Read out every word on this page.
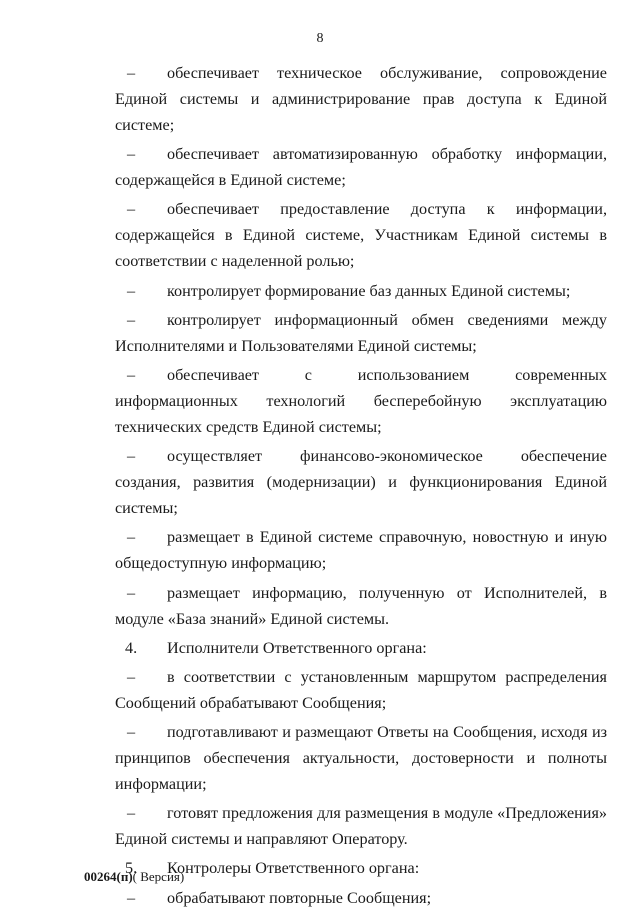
8

– обеспечивает техническое обслуживание, сопровождение Единой системы и администрирование прав доступа к Единой системе;

– обеспечивает автоматизированную обработку информации, содержащейся в Единой системе;

– обеспечивает предоставление доступа к информации, содержащейся в Единой системе, Участникам Единой системы в соответствии с наделенной ролью;

– контролирует формирование баз данных Единой системы;

– контролирует информационный обмен сведениями между Исполнителями и Пользователями Единой системы;

– обеспечивает с использованием современных информационных технологий бесперебойную эксплуатацию технических средств Единой системы;

– осуществляет финансово-экономическое обеспечение создания, развития (модернизации) и функционирования Единой системы;

– размещает в Единой системе справочную, новостную и иную общедоступную информацию;

– размещает информацию, полученную от Исполнителей, в модуле «База знаний» Единой системы.

4. Исполнители Ответственного органа:

– в соответствии с установленным маршрутом распределения Сообщений обрабатывают Сообщения;

– подготавливают и размещают Ответы на Сообщения, исходя из принципов обеспечения актуальности, достоверности и полноты информации;

– готовят предложения для размещения в модуле «Предложения» Единой системы и направляют Оператору.

5. Контролеры Ответственного органа:

– обрабатывают повторные Сообщения;

00264(п)( Версия)
